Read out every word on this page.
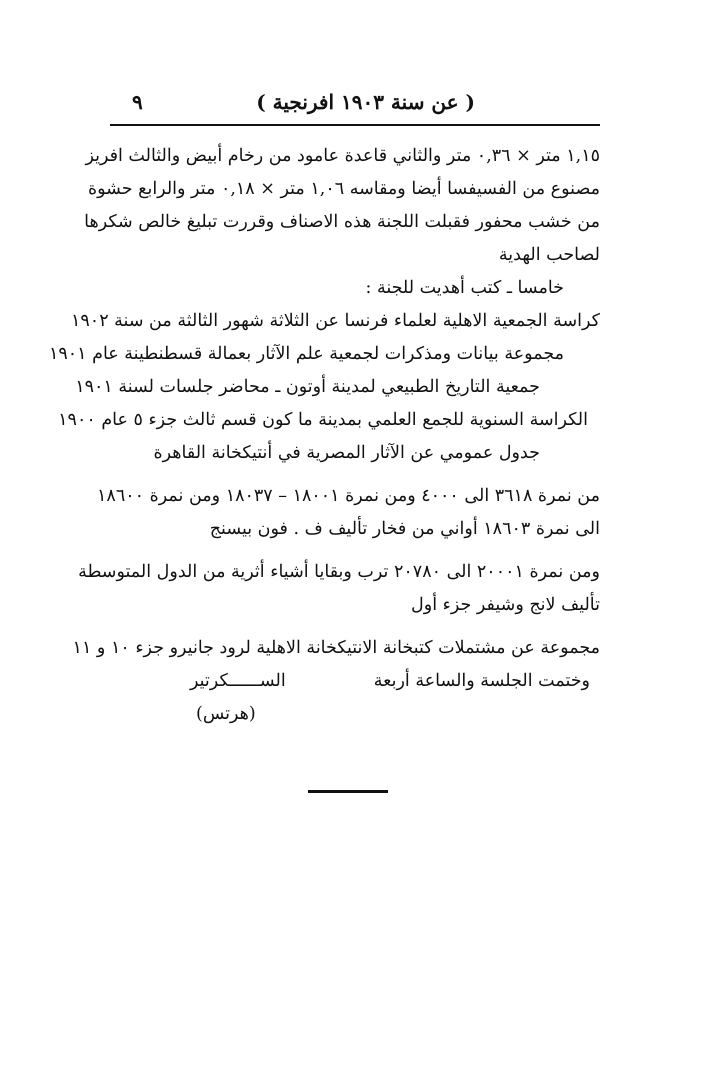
( عن سنة ١٩٠٣ افرنجية )
٩
١,١٥ متر × ٠,٣٦ متر والثاني قاعدة عامود من رخام أبيض والثالث افريز
مصنوع من الفسيفسا أيضا ومقاسه ١,٠٦ متر × ٠,١٨ متر والرابع حشوة
من خشب محفور فقبلت اللجنة هذه الاصناف وقررت تبليغ خالص شكرها
لصاحب الهدية
خامسا ـ كتب أهديت للجنة :
كراسة الجمعية الاهلية لعلماء فرنسا عن الثلاثة شهور الثالثة من سنة ١٩٠٢
مجموعة بيانات ومذكرات لجمعية علم الآثار بعمالة قسطنطينة عام ١٩٠١
جمعية التاريخ الطبيعي لمدينة أوتون ـ محاضر جلسات لسنة ١٩٠١
الكراسة السنوية للجمع العلمي بمدينة ما كون قسم ثالث جزء ٥ عام ١٩٠٠
جدول عمومي عن الآثار المصرية في أنتيكخانة القاهرة
من نمرة ٣٦١٨ الى ٤٠٠٠ ومن نمرة ١٨٠٠١ – ١٨٠٣٧ ومن نمرة ١٨٦٠٠
الى نمرة ١٨٦٠٣ أواني من فخار تأليف ف . فون بيسنج
ومن نمرة ٢٠٠٠١ الى ٢٠٧٨٠ ترب وبقايا أشياء أثرية من الدول المتوسطة
تأليف لانج وشيفر جزء أول
مجموعة عن مشتملات كتبخانة الانتيكخانة الاهلية لرود جانيرو جزء ١٠ و ١١
وختمت الجلسة والساعة أربعة
الســــــكرتير
(هرتس)
